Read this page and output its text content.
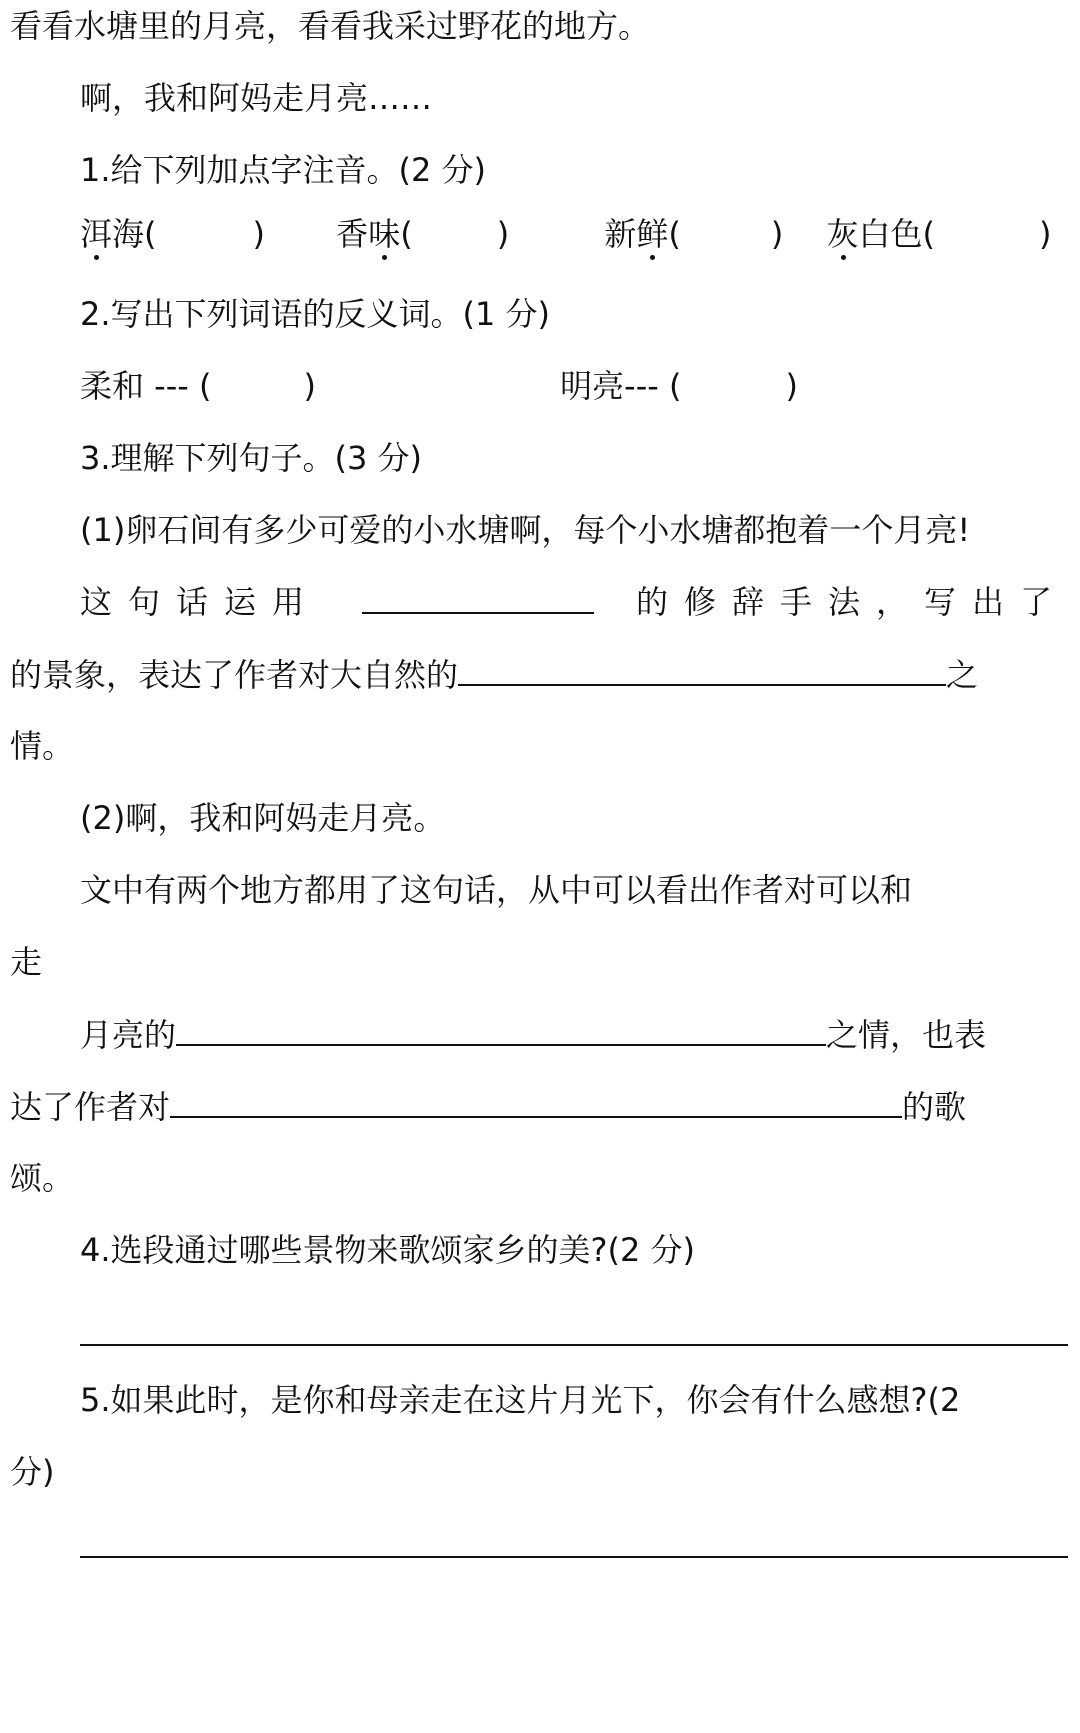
看看水塘里的月亮，看看我采过野花的地方。
啊，我和阿妈走月亮……
1.给下列加点字注音。(2 分)
洱海(	) 香味(	)	新鲜(	) 灰白色(	)
2.写出下列词语的反义词。(1 分)
柔和 --- (	)	明亮--- (	)
3.理解下列句子。(3 分)
(1)卵石间有多少可爱的小水塘啊，每个小水塘都抱着一个月亮!
这句话运用	的修辞手法，写出了
的景象，表达了作者对大自然的	之
情。
(2)啊，我和阿妈走月亮。
文中有两个地方都用了这句话，从中可以看出作者对可以和
走
月亮的	之情，也表
达了作者对	的歌
颂。
4.选段通过哪些景物来歌颂家乡的美?(2 分)
5.如果此时，是你和母亲走在这片月光下，你会有什么感想?(2
分)
